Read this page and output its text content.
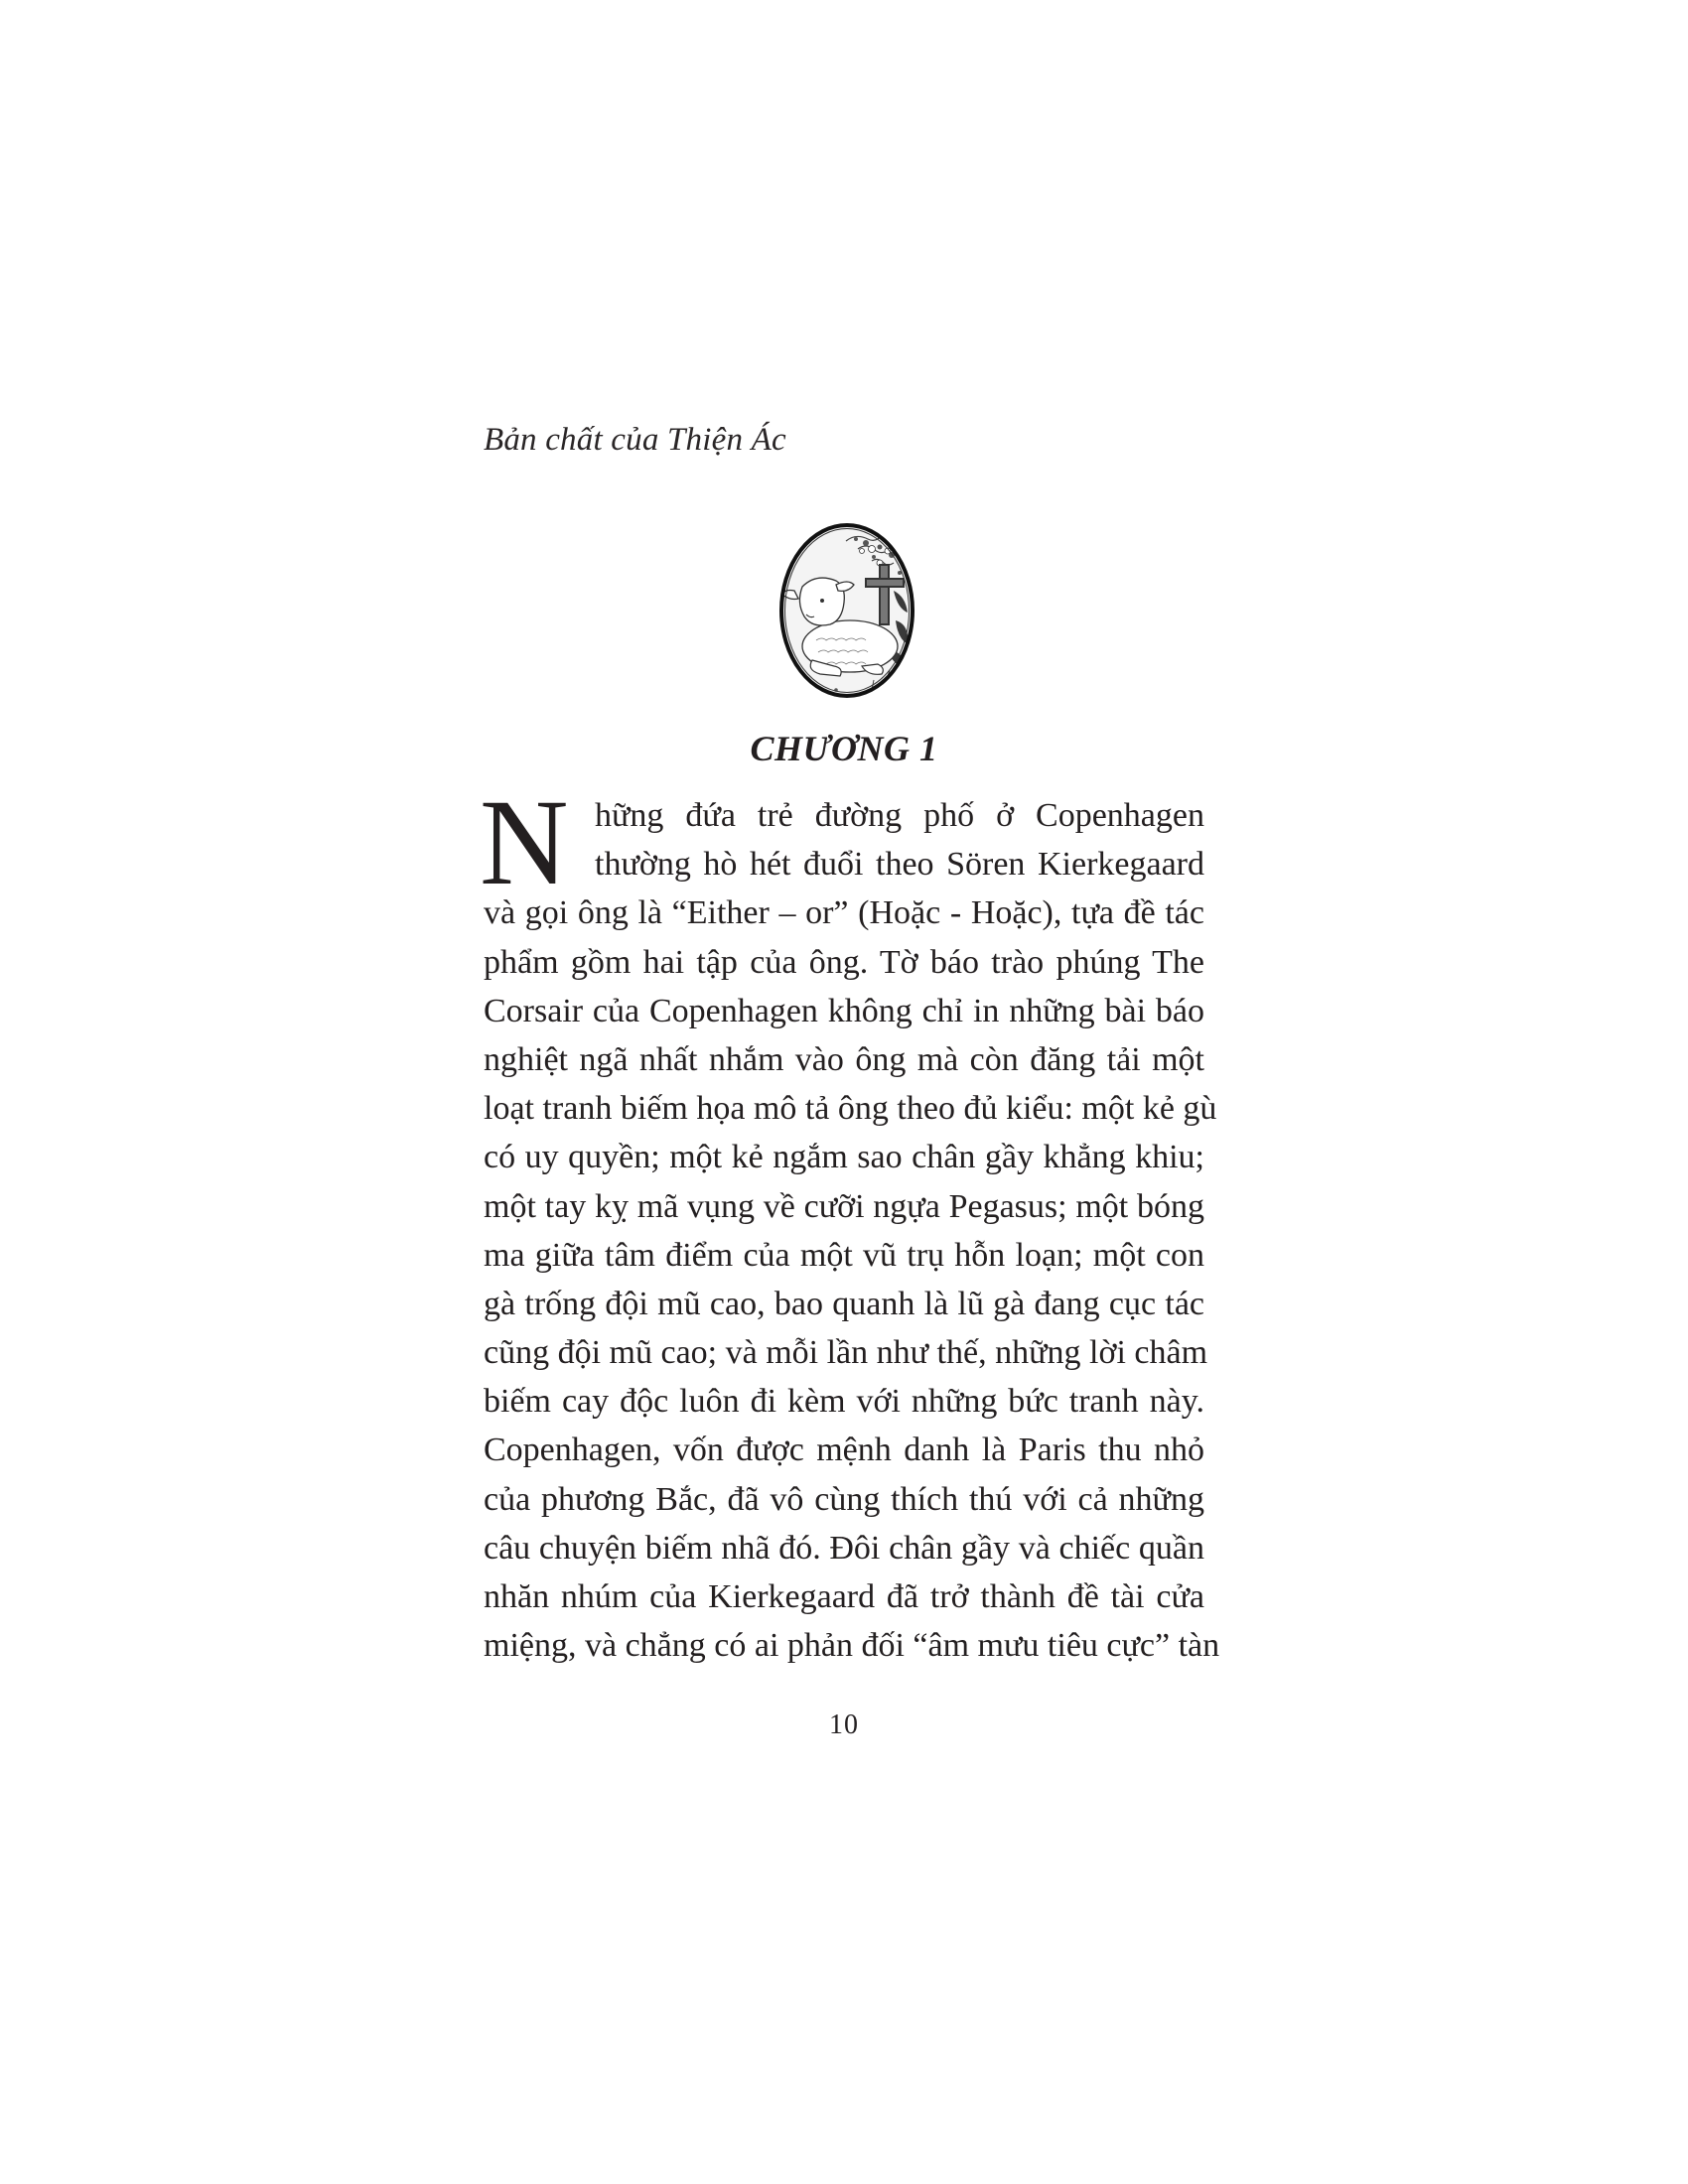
Bản chất của Thiện Ác
CHƯƠNG 1
N hững đứa trẻ đường phố ở Copenhagen
thường hò hét đuổi theo Sören Kierkegaard
và gọi ông là “Either – or” (Hoặc - Hoặc), tựa đề tác
phẩm gồm hai tập của ông. Tờ báo trào phúng The
Corsair của Copenhagen không chỉ in những bài báo
nghiệt ngã nhất nhắm vào ông mà còn đăng tải một
loạt tranh biếm họa mô tả ông theo đủ kiểu: một kẻ gù
có uy quyền; một kẻ ngắm sao chân gầy khẳng khiu;
một tay kỵ mã vụng về cưỡi ngựa Pegasus; một bóng
ma giữa tâm điểm của một vũ trụ hỗn loạn; một con
gà trống đội mũ cao, bao quanh là lũ gà đang cục tác
cũng đội mũ cao; và mỗi lần như thế, những lời châm
biếm cay độc luôn đi kèm với những bức tranh này.
Copenhagen, vốn được mệnh danh là Paris thu nhỏ
của phương Bắc, đã vô cùng thích thú với cả những
câu chuyện biếm nhã đó. Đôi chân gầy và chiếc quần
nhăn nhúm của Kierkegaard đã trở thành đề tài cửa
miệng, và chẳng có ai phản đối “âm mưu tiêu cực” tàn
10
